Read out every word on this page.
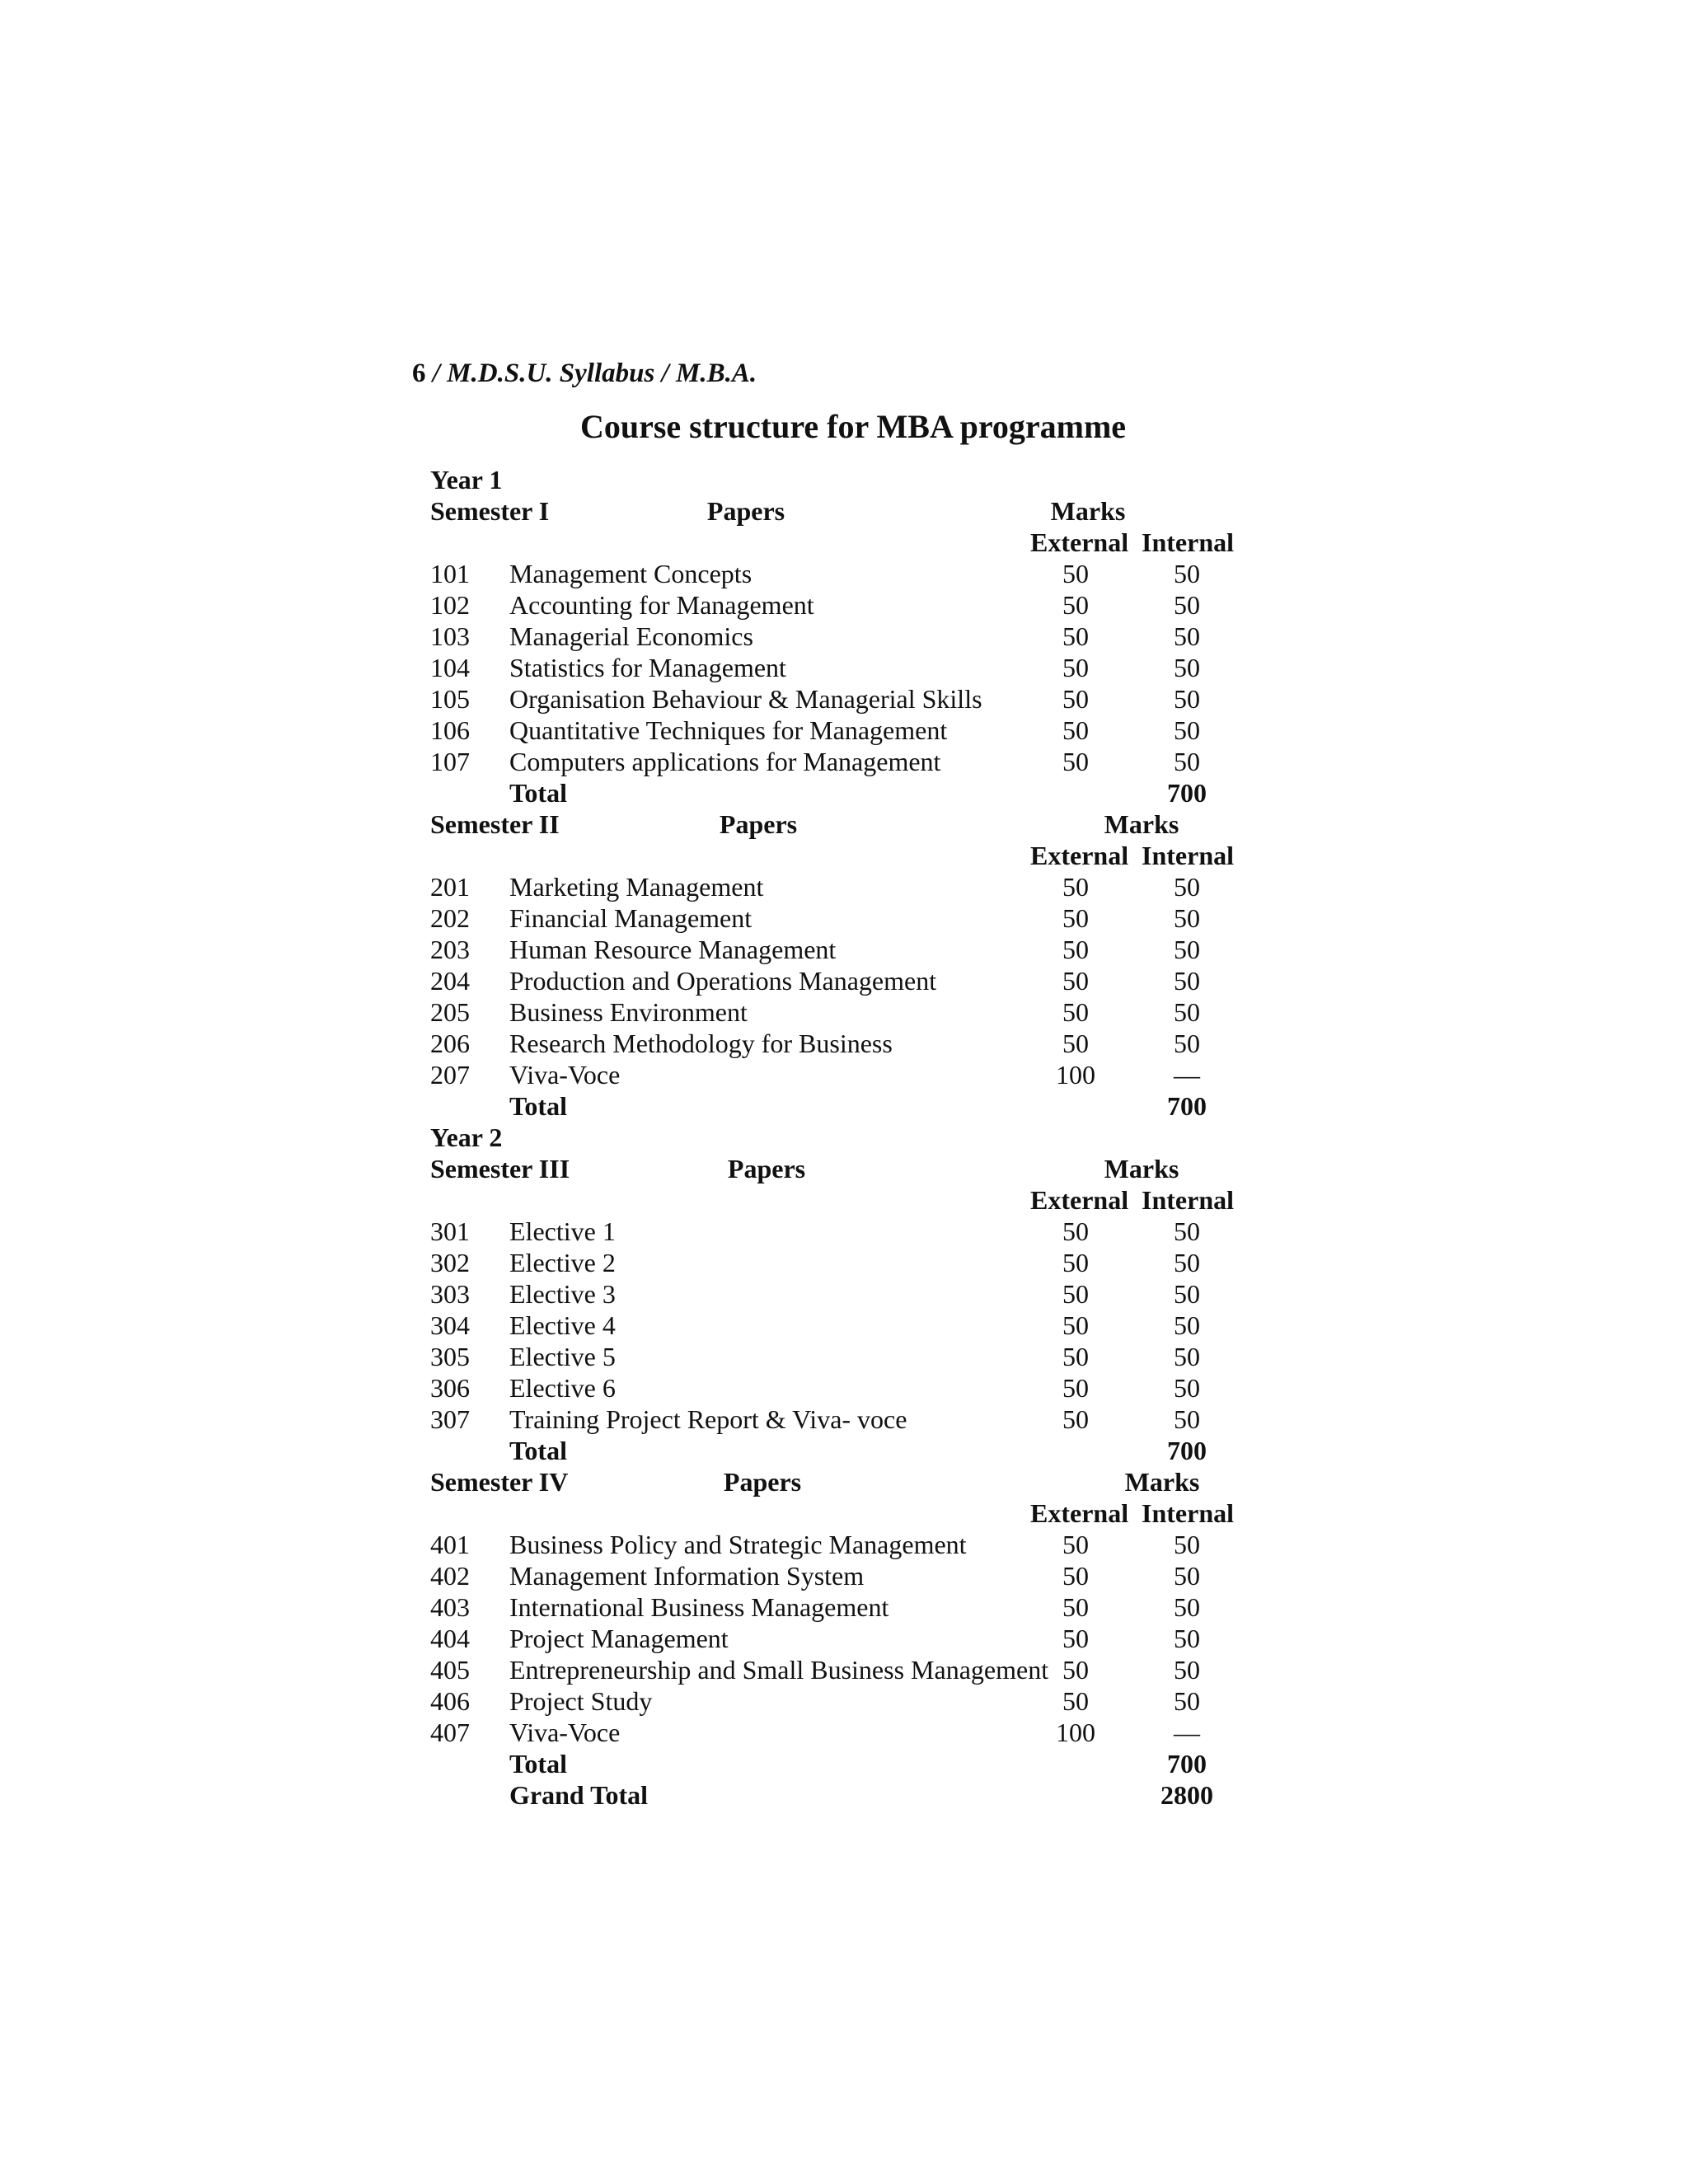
6 / M.D.S.U. Syllabus / M.B.A.
Course structure for MBA programme
Year 1
Semester I	Papers	Marks
External Internal
101 Management Concepts	50	50
102 Accounting for Management	50	50
103 Managerial Economics	50	50
104 Statistics for Management	50	50
105 Organisation Behaviour & Managerial Skills	50	50
106 Quantitative Techniques for Management	50	50
107 Computers applications for Management	50	50
Total	700
Semester II	Papers	Marks
External Internal
201 Marketing Management	50	50
202 Financial Management	50	50
203 Human Resource Management	50	50
204 Production and Operations Management	50	50
205 Business Environment	50	50
206 Research Methodology for Business	50	50
207 Viva-Voce	100	—
Total	700
Year 2
Semester III	Papers	Marks
External Internal
301 Elective 1	50	50
302 Elective 2	50	50
303 Elective 3	50	50
304 Elective 4	50	50
305 Elective 5	50	50
306 Elective 6	50	50
307 Training Project Report & Viva- voce	50	50
Total	700
Semester IV	Papers	Marks
External Internal
401 Business Policy and Strategic Management	50	50
402 Management Information System	50	50
403 International Business Management	50	50
404 Project Management	50	50
405 Entrepreneurship and Small Business Management 50	50
406 Project Study	50	50
407 Viva-Voce	100	—
Total	700
Grand Total	2800
